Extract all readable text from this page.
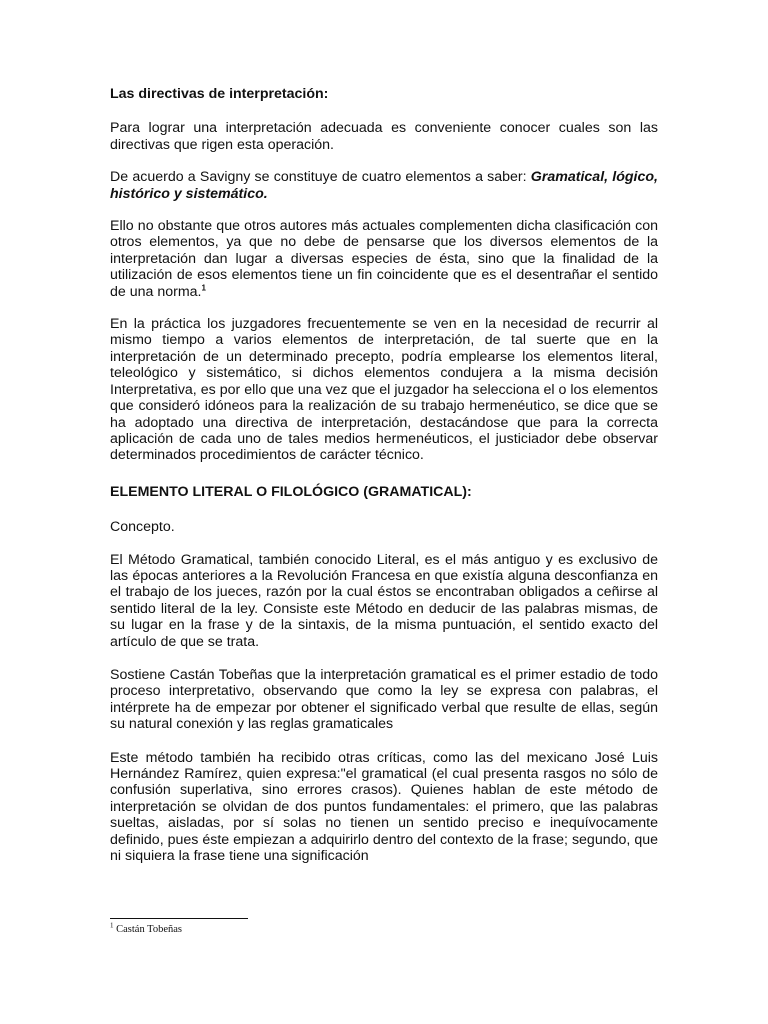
Las directivas de interpretación:

Para lograr una interpretación adecuada es conveniente conocer cuales son las directivas que rigen esta operación.

De acuerdo a Savigny se constituye de cuatro elementos a saber: Gramatical, lógico, histórico y sistemático.

Ello no obstante que otros autores más actuales complementen dicha clasificación con otros elementos, ya que no debe de pensarse que los diversos elementos de la interpretación dan lugar a diversas especies de ésta, sino que la finalidad de la utilización de esos elementos tiene un fin coincidente que es el desentrañar el sentido de una norma.$^1$

En la práctica los juzgadores frecuentemente se ven en la necesidad de recurrir al mismo tiempo a varios elementos de interpretación, de tal suerte que en la interpretación de un determinado precepto, podría emplearse los elementos literal, teleológico y sistemático, si dichos elementos condujera a la misma decisión Interpretativa, es por ello que una vez que el juzgador ha selecciona el o los elementos que consideró idóneos para la realización de su trabajo hermenéutico, se dice que se ha adoptado una directiva de interpretación, destacándose que para la correcta aplicación de cada uno de tales medios hermenéuticos, el justiciador debe observar determinados procedimientos de carácter técnico.

ELEMENTO LITERAL O FILOLÓGICO (GRAMATICAL):

Concepto.

El Método Gramatical, también conocido Literal, es el más antiguo y es exclusivo de las épocas anteriores a la Revolución Francesa en que existía alguna desconfianza en el trabajo de los jueces, razón por la cual éstos se encontraban obligados a ceñirse al sentido literal de la ley. Consiste este Método en deducir de las palabras mismas, de su lugar en la frase y de la sintaxis, de la misma puntuación, el sentido exacto del artículo de que se trata.

Sostiene Castán Tobeñas que la interpretación gramatical es el primer estadio de todo proceso interpretativo, observando que como la ley se expresa con palabras, el intérprete ha de empezar por obtener el significado verbal que resulte de ellas, según su natural conexión y las reglas gramaticales

Este método también ha recibido otras críticas, como las del mexicano José Luis Hernández Ramírez, quien expresa:"el gramatical (el cual presenta rasgos no sólo de confusión superlativa, sino errores crasos). Quienes hablan de este método de interpretación se olvidan de dos puntos fundamentales: el primero, que las palabras sueltas, aisladas, por sí solas no tienen un sentido preciso e inequívocamente definido, pues éste empiezan a adquirirlo dentro del contexto de la frase; segundo, que ni siquiera la frase tiene una significación

$^1$ Castán Tobeñas
